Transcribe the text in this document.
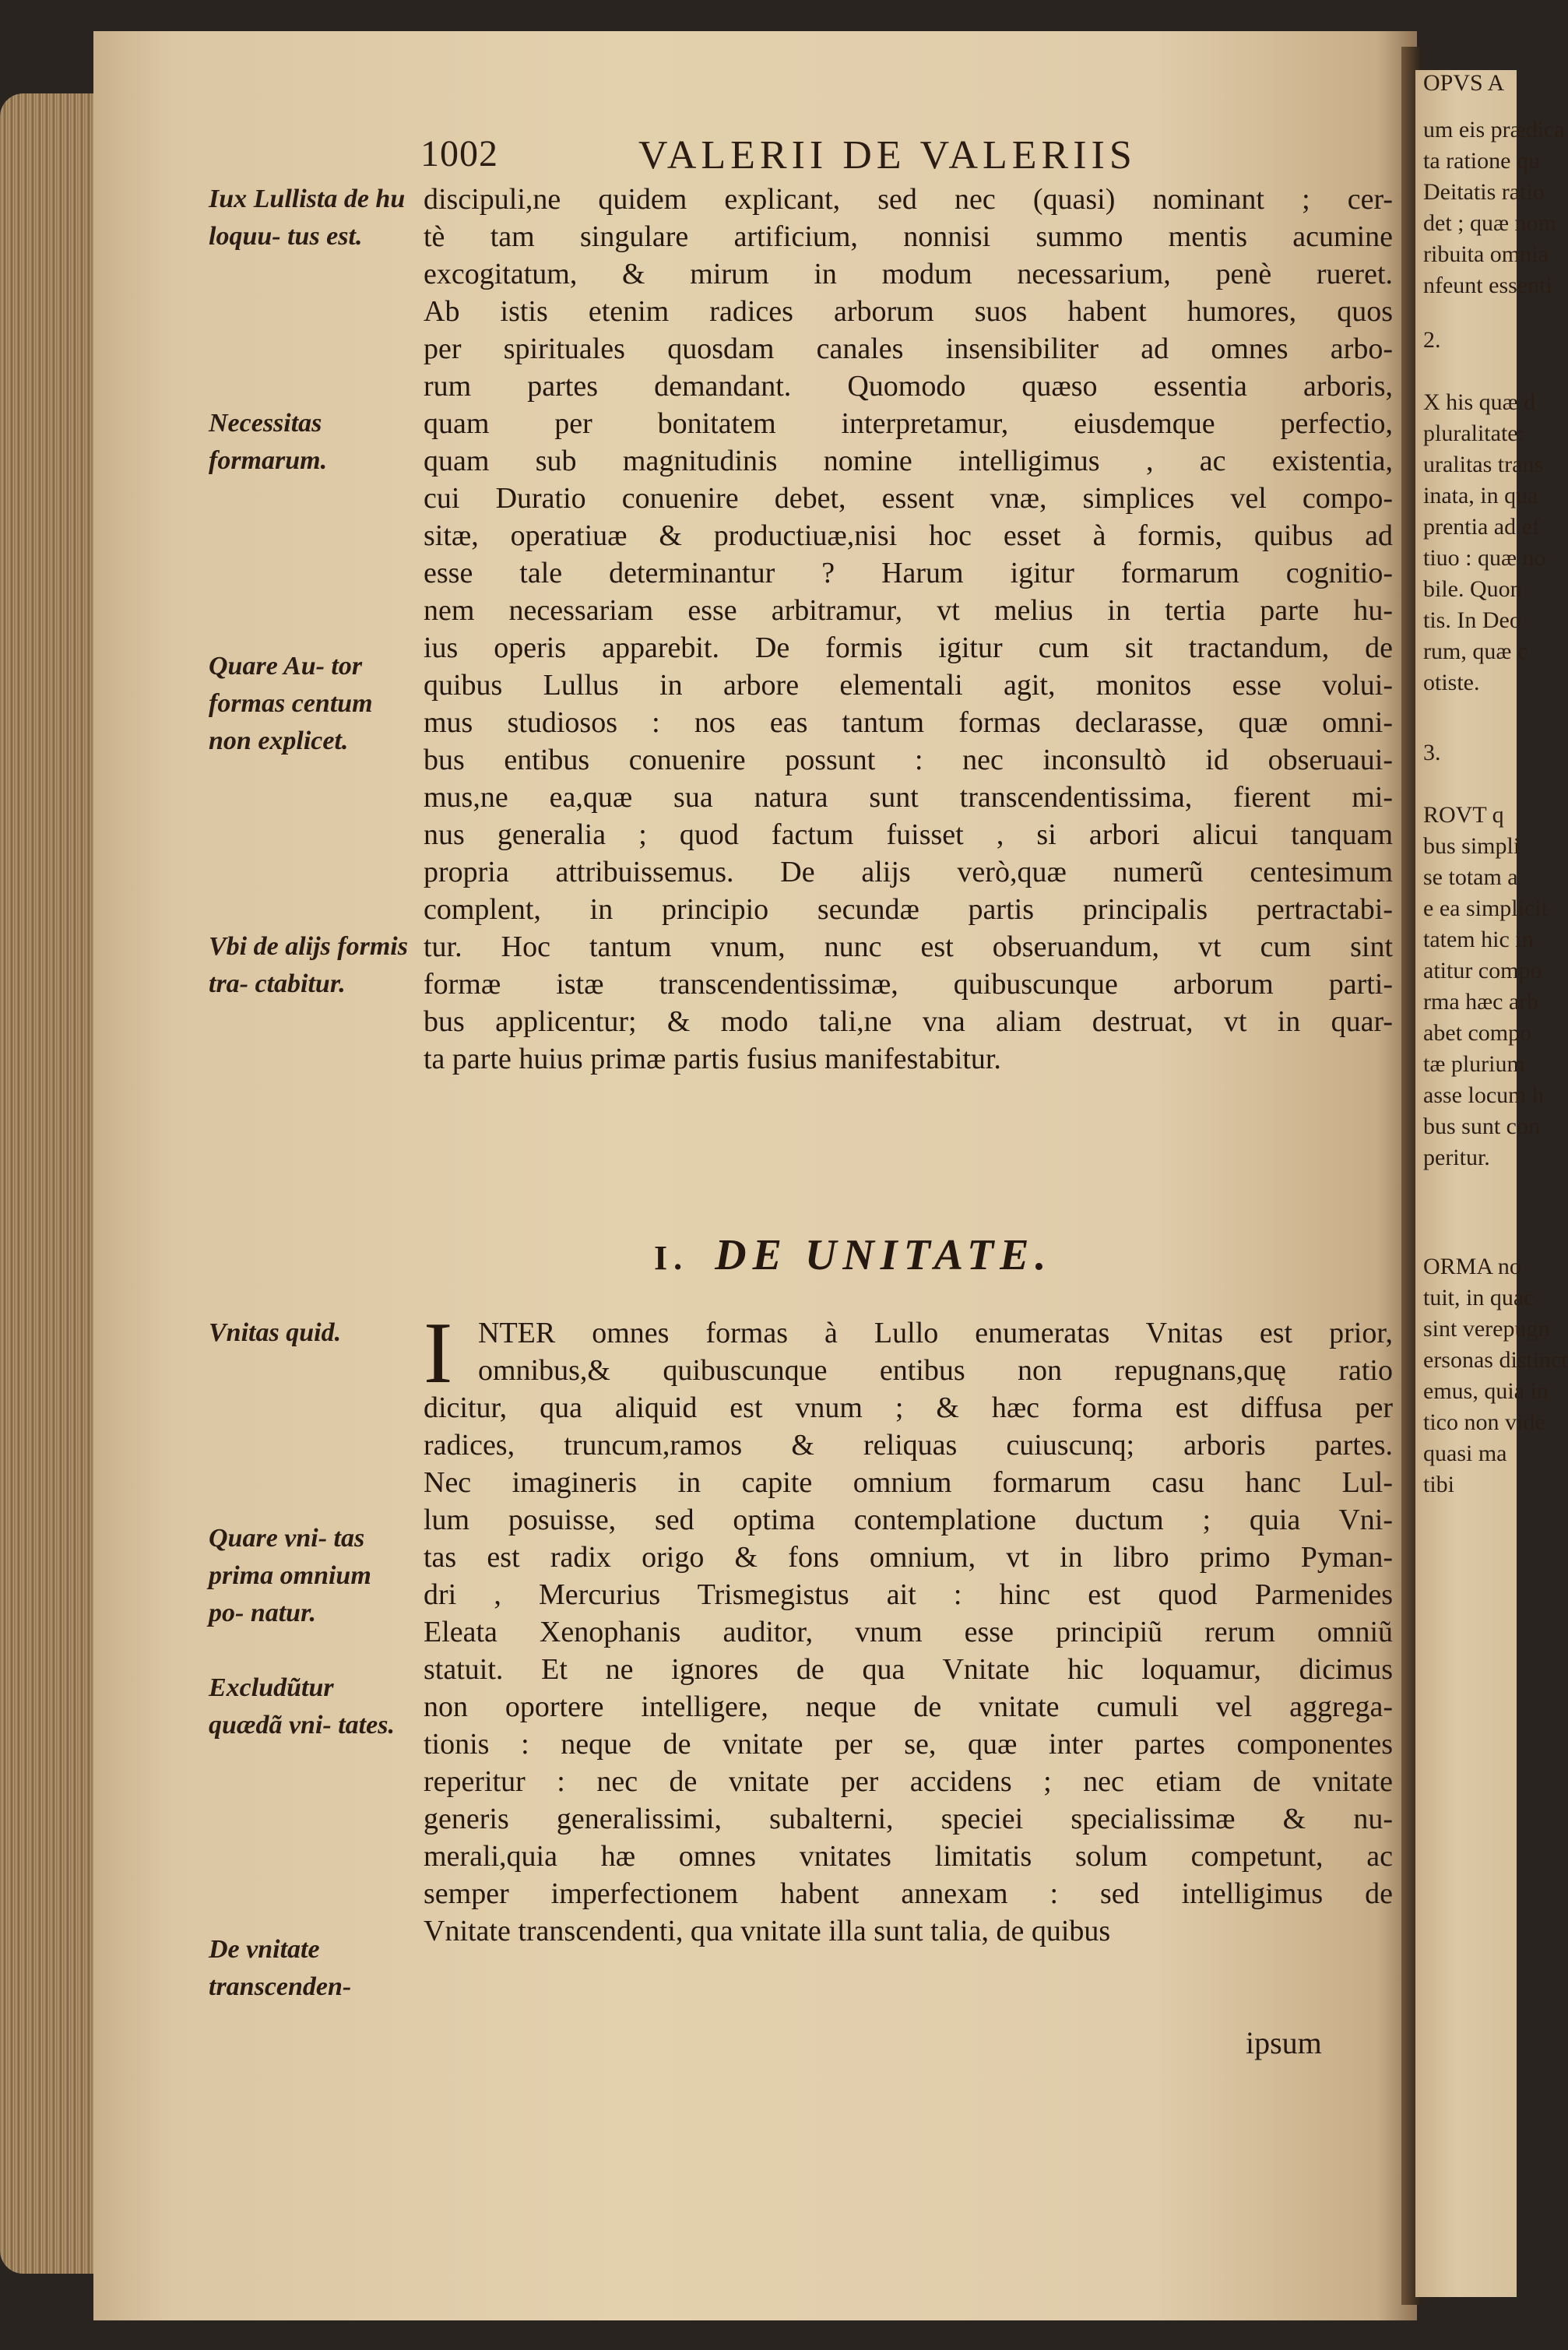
OPVS A
um eis prædica
ta ratione qu
Deitatis ratio
det ; quæ nom
ribuita omnia
nfeunt essenti
2.
X his quæ d
pluralitate:
uralitas trans
inata, in qua
prentia ad ef
tiuo : quæ no
bile. Quon
tis. In Deo
rum, quæ c
otiste.
3.
ROVT q
bus simpli
se totam a
e ea simplicit
tatem hic in
atitur compo
rma hæc arb
abet compo
tæ plurium
asse locum h
bus sunt con
peritur.
ORMA no
tuit, in quac
sint verepugn
ersonas distinct
emus, quia in
tico non vide
quasi ma
tibi
1002	VALERII DE VALERIIS
Iux Lullista de hu loquu- tus est.
Necessitas formarum.
Quare Au- tor formas centum non explicet.
Vbi de alijs formis tra- ctabitur.
Vnitas quid.
Quare vni- tas prima omnium po- natur.
Excludũtur quædã vni- tates.
De vnitate transcenden-
discipuli,ne quidem explicant, sed nec (quasi) nominant ; cer-
tè tam singulare artificium, nonnisi summo mentis acumine
excogitatum, & mirum in modum necessarium, penè rueret.
Ab istis etenim radices arborum suos habent humores, quos
per spirituales quosdam canales insensibiliter ad omnes arbo-
rum partes demandant. Quomodo quæso essentia arboris,
quam per bonitatem interpretamur, eiusdemque perfectio,
quam sub magnitudinis nomine intelligimus , ac existentia,
cui Duratio conuenire debet, essent vnæ, simplices vel compo-
sitæ, operatiuæ & productiuæ,nisi hoc esset à formis, quibus ad
esse tale determinantur ? Harum igitur formarum cognitio-
nem necessariam esse arbitramur, vt melius in tertia parte hu-
ius operis apparebit. De formis igitur cum sit tractandum, de
quibus Lullus in arbore elementali agit, monitos esse volui-
mus studiosos : nos eas tantum formas declarasse, quæ omni-
bus entibus conuenire possunt : nec inconsultò id obseruaui-
mus,ne ea,quæ sua natura sunt transcendentissima, fierent mi-
nus generalia ; quod factum fuisset , si arbori alicui tanquam
propria attribuissemus. De alijs verò,quæ numerũ centesimum
complent, in principio secundæ partis principalis pertractabi-
tur. Hoc tantum vnum, nunc est obseruandum, vt cum sint
formæ istæ transcendentissimæ, quibuscunque arborum parti-
bus applicentur; & modo tali,ne vna aliam destruat, vt in quar-
ta parte huius primæ partis fusius manifestabitur.
I. DE UNITATE.
I NTER omnes formas à Lullo enumeratas Vnitas est prior,
omnibus,& quibuscunque entibus non repugnans,quę ratio
dicitur, qua aliquid est vnum ; & hæc forma est diffusa per
radices, truncum,ramos & reliquas cuiuscunq; arboris partes.
Nec imagineris in capite omnium formarum casu hanc Lul-
lum posuisse, sed optima contemplatione ductum ; quia Vni-
tas est radix origo & fons omnium, vt in libro primo Pyman-
dri , Mercurius Trismegistus ait : hinc est quod Parmenides
Eleata Xenophanis auditor, vnum esse principiũ rerum omniũ
statuit. Et ne ignores de qua Vnitate hic loquamur, dicimus
non oportere intelligere, neque de vnitate cumuli vel aggrega-
tionis : neque de vnitate per se, quæ inter partes componentes
reperitur : nec de vnitate per accidens ; nec etiam de vnitate
generis generalissimi, subalterni, speciei specialissimæ & nu-
merali,quia hæ omnes vnitates limitatis solum competunt, ac
semper imperfectionem habent annexam : sed intelligimus de
Vnitate transcendenti, qua vnitate illa sunt talia, de quibus
ipsum
